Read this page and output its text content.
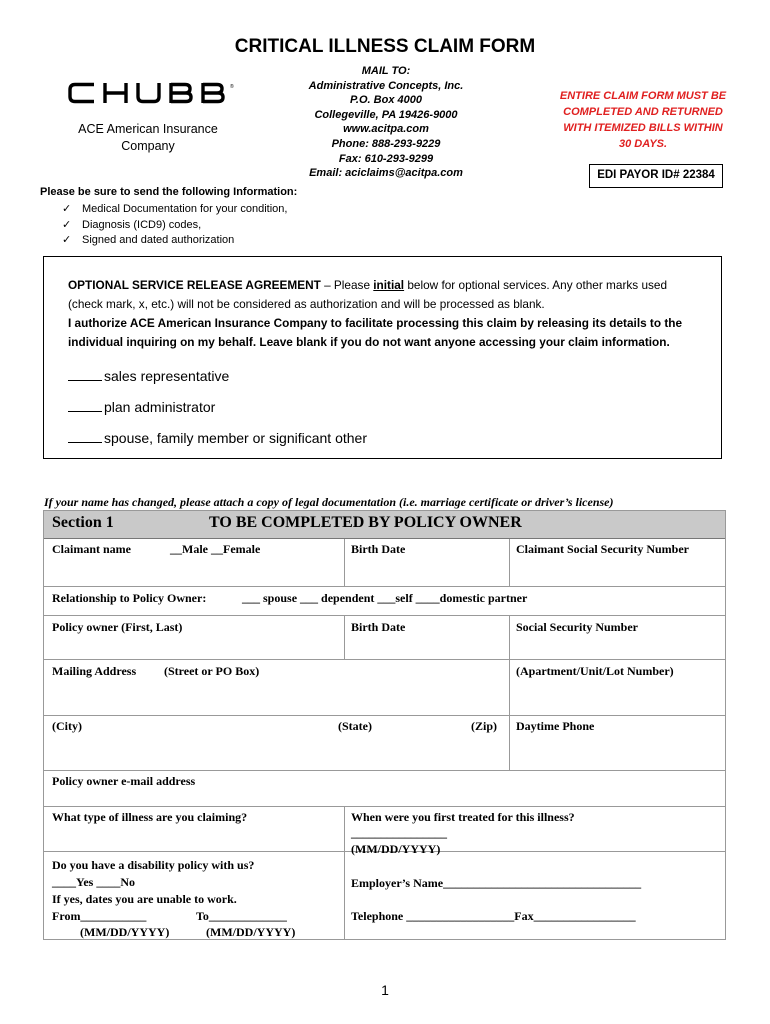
CRITICAL ILLNESS CLAIM FORM
®
ACE American Insurance Company
MAIL TO:
Administrative Concepts, Inc.
P.O. Box 4000
Collegeville, PA 19426-9000
www.acitpa.com
Phone: 888-293-9229
Fax: 610-293-9299
Email: aciclaims@acitpa.com
ENTIRE CLAIM FORM MUST BE COMPLETED AND RETURNED WITH ITEMIZED BILLS WITHIN 30 DAYS.
EDI PAYOR ID# 22384
Please be sure to send the following Information:
✓ Medical Documentation for your condition,
✓ Diagnosis (ICD9) codes,
✓ Signed and dated authorization
OPTIONAL SERVICE RELEASE AGREEMENT – Please initial below for optional services. Any other marks used (check mark, x, etc.) will not be considered as authorization and will be processed as blank.
I authorize ACE American Insurance Company to facilitate processing this claim by releasing its details to the individual inquiring on my behalf. Leave blank if you do not want anyone accessing your claim information.
sales representative
plan administrator
spouse, family member or significant other
If your name has changed, please attach a copy of legal documentation (i.e. marriage certificate or driver’s license)
Section 1	TO BE COMPLETED BY POLICY OWNER
Claimant name	__Male __Female	Birth Date	Claimant Social Security Number
Relationship to Policy Owner:	___ spouse ___ dependent ___self ____domestic partner
Policy owner (First, Last)	Birth Date	Social Security Number
Mailing Address (Street or PO Box)	(Apartment/Unit/Lot Number)
(City)	(State)	(Zip) Daytime Phone
Policy owner e-mail address
What type of illness are you claiming?	When were you first treated for this illness?
________________
(MM/DD/YYYY)
Do you have a disability policy with us?
____Yes ____No
If yes, dates you are unable to work.
From___________	To_____________
(MM/DD/YYYY)	(MM/DD/YYYY)
Employer’s Name_________________________________
Telephone __________________Fax_________________
1
